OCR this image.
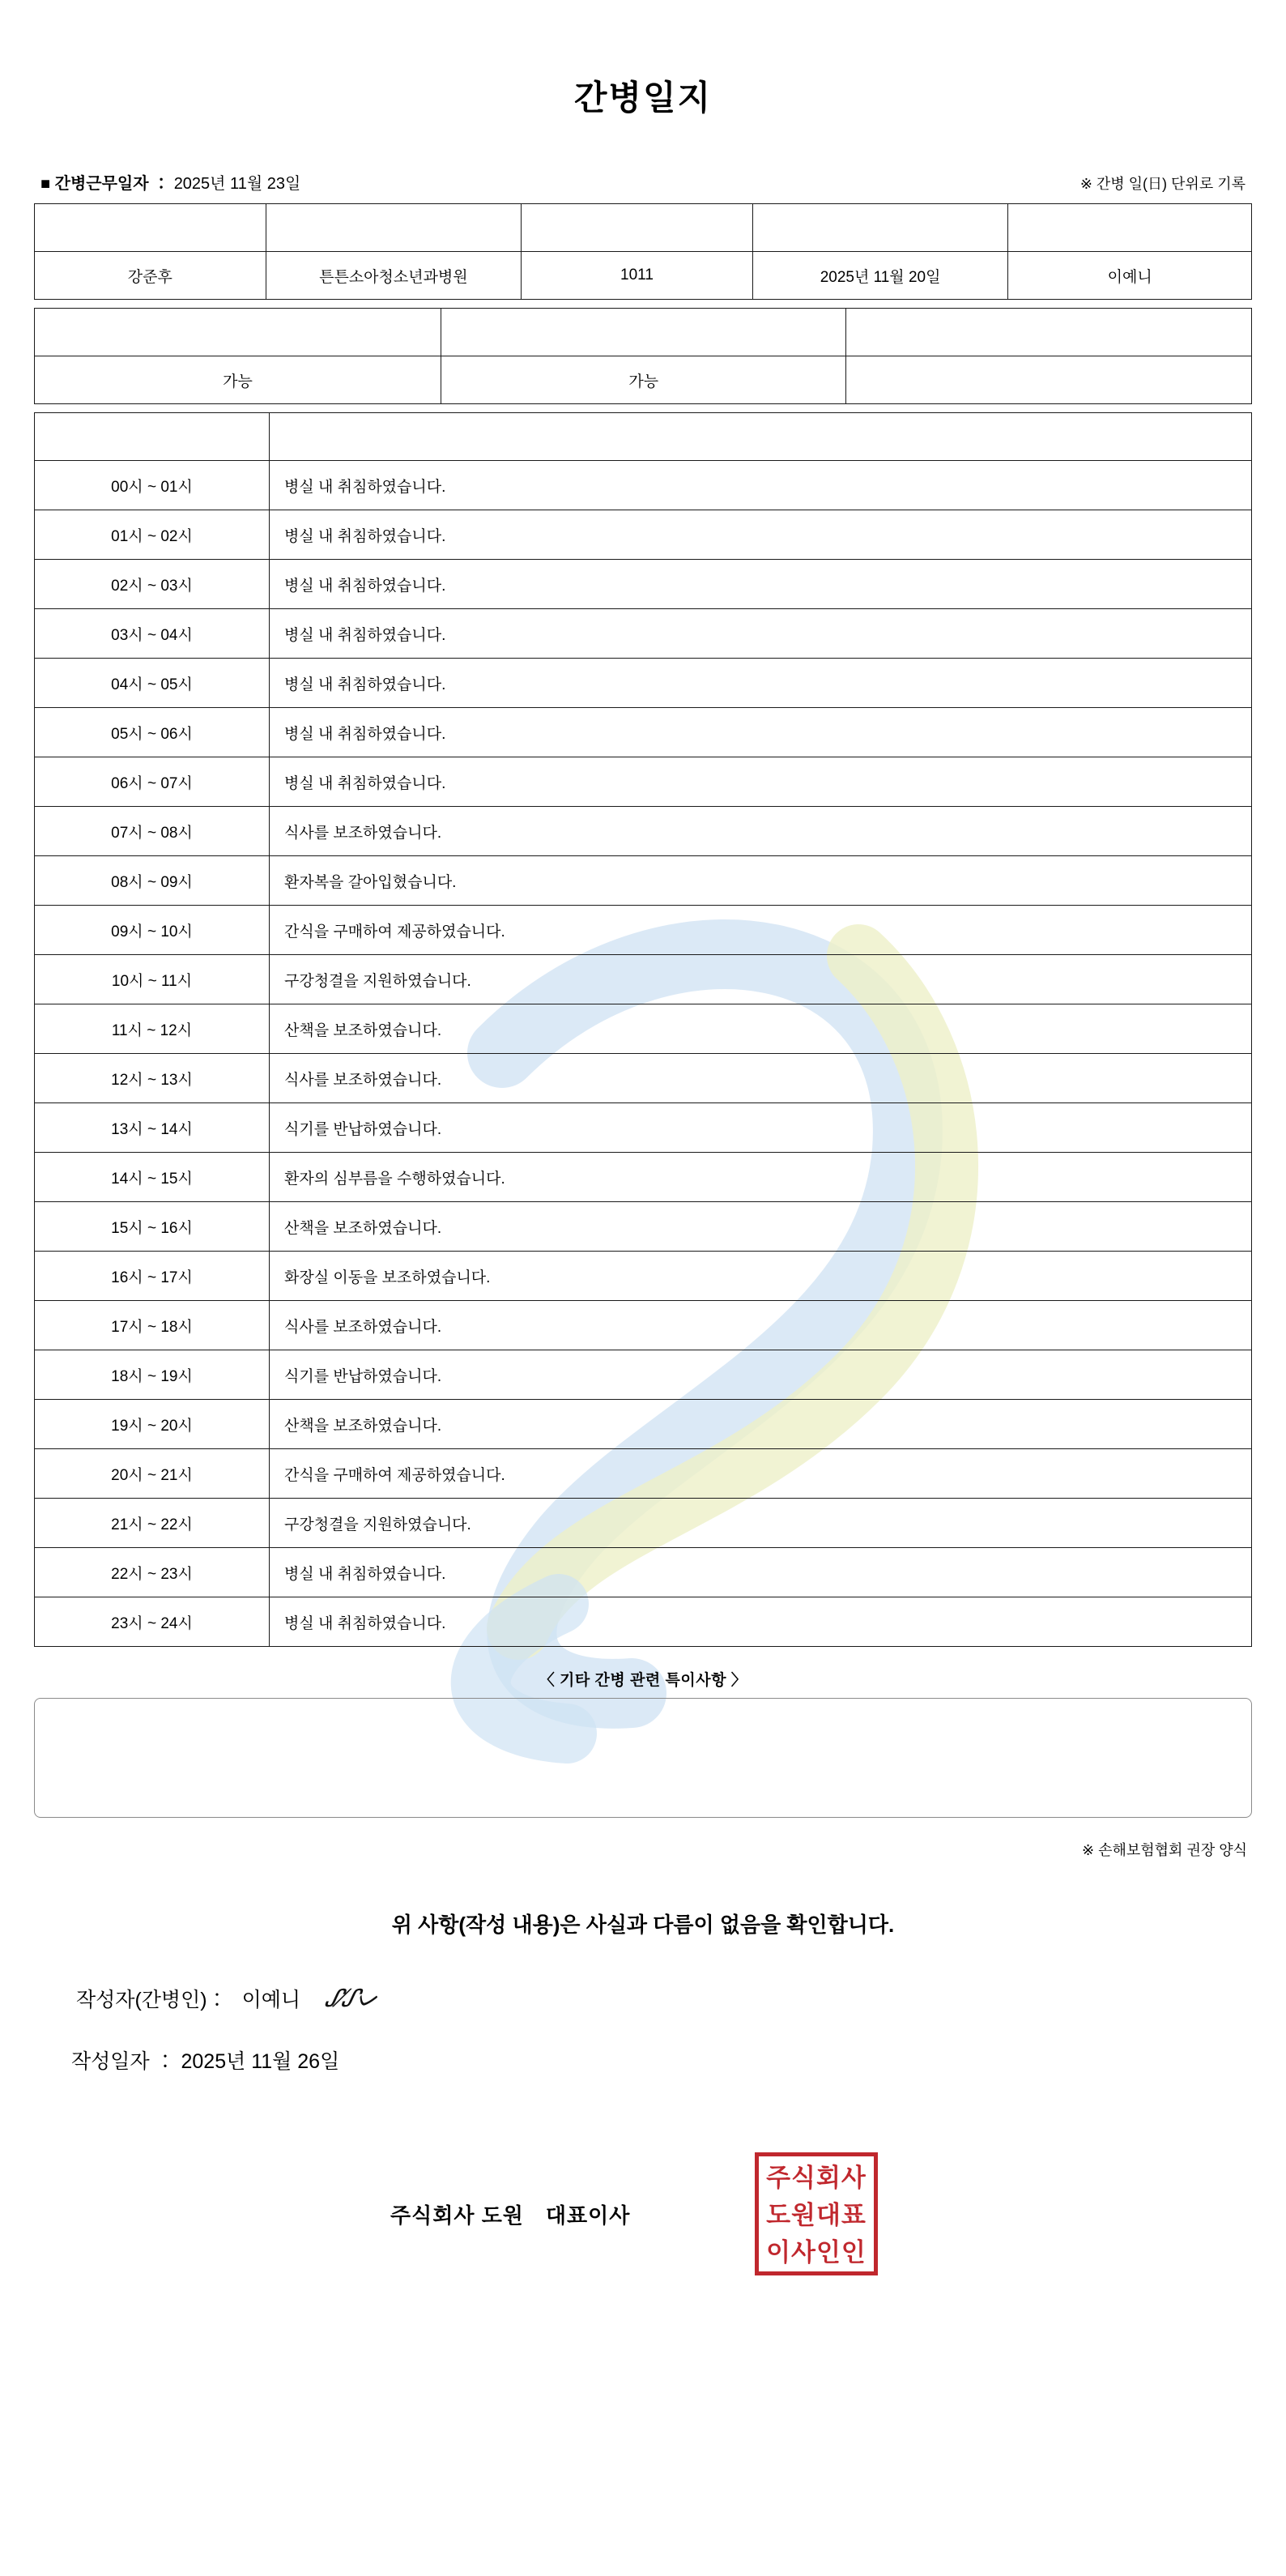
간병일지
■ 간병근무일자 ： 2025년 11월 23일	※ 간병 일(日) 단위로 기록
환자성명	의료기관	병실호수	입원날짜	간병인명
강준후	튼튼소아청소년과병원	1011	2025년 11월 20일	이예니
자가 보행	음식 경구 섭취	체내 관 삽입
가능	가능	
시간	간병 내용
00시 ~ 01시	병실 내 취침하였습니다.
01시 ~ 02시	병실 내 취침하였습니다.
02시 ~ 03시	병실 내 취침하였습니다.
03시 ~ 04시	병실 내 취침하였습니다.
04시 ~ 05시	병실 내 취침하였습니다.
05시 ~ 06시	병실 내 취침하였습니다.
06시 ~ 07시	병실 내 취침하였습니다.
07시 ~ 08시	식사를 보조하였습니다.
08시 ~ 09시	환자복을 갈아입혔습니다.
09시 ~ 10시	간식을 구매하여 제공하였습니다.
10시 ~ 11시	구강청결을 지원하였습니다.
11시 ~ 12시	산책을 보조하였습니다.
12시 ~ 13시	식사를 보조하였습니다.
13시 ~ 14시	식기를 반납하였습니다.
14시 ~ 15시	환자의 심부름을 수행하였습니다.
15시 ~ 16시	산책을 보조하였습니다.
16시 ~ 17시	화장실 이동을 보조하였습니다.
17시 ~ 18시	식사를 보조하였습니다.
18시 ~ 19시	식기를 반납하였습니다.
19시 ~ 20시	산책을 보조하였습니다.
20시 ~ 21시	간식을 구매하여 제공하였습니다.
21시 ~ 22시	구강청결을 지원하였습니다.
22시 ~ 23시	병실 내 취침하였습니다.
23시 ~ 24시	병실 내 취침하였습니다.
〈 기타 간병 관련 특이사항 〉
※ 손해보험협회 권장 양식
위 사항(작성 내용)은 사실과 다름이 없음을 확인합니다.
작성자(간병인)： 이예니 ᔑ⁄ᔑᨆ
작성일자 ： 2025년 11월 26일
주식회사 도원　대표이사
주식회사
도원대표
이사인인
